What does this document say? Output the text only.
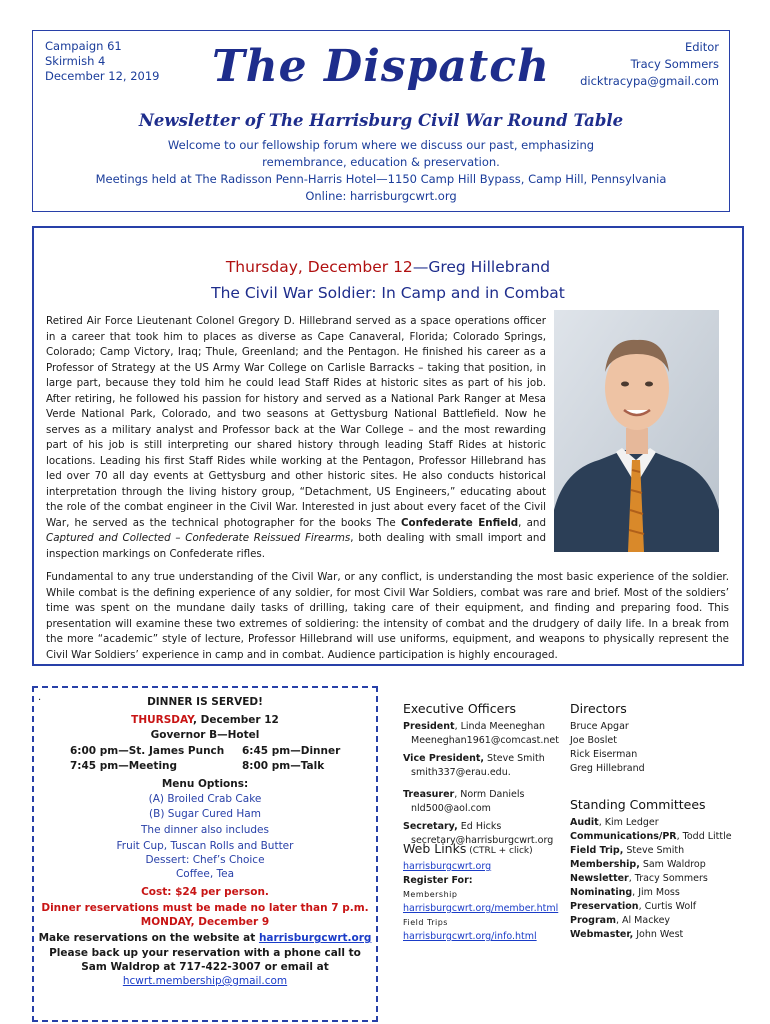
Campaign 61
Skirmish 4
December 12, 2019	The Dispatch	Editor
Tracy Sommers
dicktracypa@gmail.com
Newsletter of The Harrisburg Civil War Round Table
Welcome to our fellowship forum where we discuss our past, emphasizing
remembrance, education & preservation.
Meetings held at The Radisson Penn-Harris Hotel—1150 Camp Hill Bypass, Camp Hill, Pennsylvania
Online: harrisburgcwrt.org
Thursday, December 12—Greg Hillebrand
The Civil War Soldier: In Camp and in Combat
Retired Air Force Lieutenant Colonel Gregory D. Hillebrand served as a space operations officer in a career that took him to places as diverse as Cape Canaveral, Florida; Colorado Springs, Colorado; Camp Victory, Iraq; Thule, Greenland; and the Pentagon. He finished his career as a Professor of Strategy at the US Army War College on Carlisle Barracks – taking that position, in large part, because they told him he could lead Staff Rides at historic sites as part of his job. After retiring, he followed his passion for history and served as a National Park Ranger at Mesa Verde National Park, Colorado, and two seasons at Gettysburg National Battlefield. Now he serves as a military analyst and Professor back at the War College – and the most rewarding part of his job is still interpreting our shared history through leading Staff Rides at historic locations. Leading his first Staff Rides while working at the Pentagon, Professor Hillebrand has led over 70 all day events at Gettysburg and other historic sites. He also conducts historical interpretation through the living history group, “Detachment, US Engineers,” educating about the role of the combat engineer in the Civil War. Interested in just about every facet of the Civil War, he served as the technical photographer for the books The Confederate Enfield, and Captured and Collected – Confederate Reissued Firearms, both dealing with small import and inspection markings on Confederate rifles.
Fundamental to any true understanding of the Civil War, or any conflict, is understanding the most basic experience of the soldier. While combat is the defining experience of any soldier, for most Civil War Soldiers, combat was rare and brief. Most of the soldiers’ time was spent on the mundane daily tasks of drilling, taking care of their equipment, and finding and preparing food. This presentation will examine these two extremes of soldiering: the intensity of combat and the drudgery of daily life. In a break from the more “academic” style of lecture, Professor Hillebrand will use uniforms, equipment, and weapons to physically represent the Civil War Soldiers’ experience in camp and in combat. Audience participation is highly encouraged.
.	DINNER IS SERVED!
THURSDAY, December 12
Governor B—Hotel
6:00 pm—St. James Punch 6:45 pm—Dinner
7:45 pm—Meeting	8:00 pm—Talk
Menu Options:
(A) Broiled Crab Cake
(B) Sugar Cured Ham
The dinner also includes
Fruit Cup, Tuscan Rolls and Butter
Dessert: Chef’s Choice
Coffee, Tea
Cost: $24 per person.
Dinner reservations must be made no later than 7 p.m.
MONDAY, December 9
Make reservations on the website at harrisburgcwrt.org
Please back up your reservation with a phone call to
Sam Waldrop at 717-422-3007 or email at
hcwrt.membership@gmail.com
Executive Officers
President, Linda Meeneghan
Meeneghan1961@comcast.net
Vice President, Steve Smith
smith337@erau.edu.
Treasurer, Norm Daniels
nld500@aol.com
Secretary, Ed Hicks
secretary@harrisburgcwrt.org
Web Links (CTRL + click)
harrisburgcwrt.org
Register For:
Membership
harrisburgcwrt.org/member.html
Field Trips
harrisburgcwrt.org/info.html
Directors
Bruce Apgar
Joe Boslet
Rick Eiserman
Greg Hillebrand
Standing Committees
Audit, Kim Ledger
Communications/PR, Todd Little
Field Trip, Steve Smith
Membership, Sam Waldrop
Newsletter, Tracy Sommers
Nominating, Jim Moss
Preservation, Curtis Wolf
Program, Al Mackey
Webmaster, John West
